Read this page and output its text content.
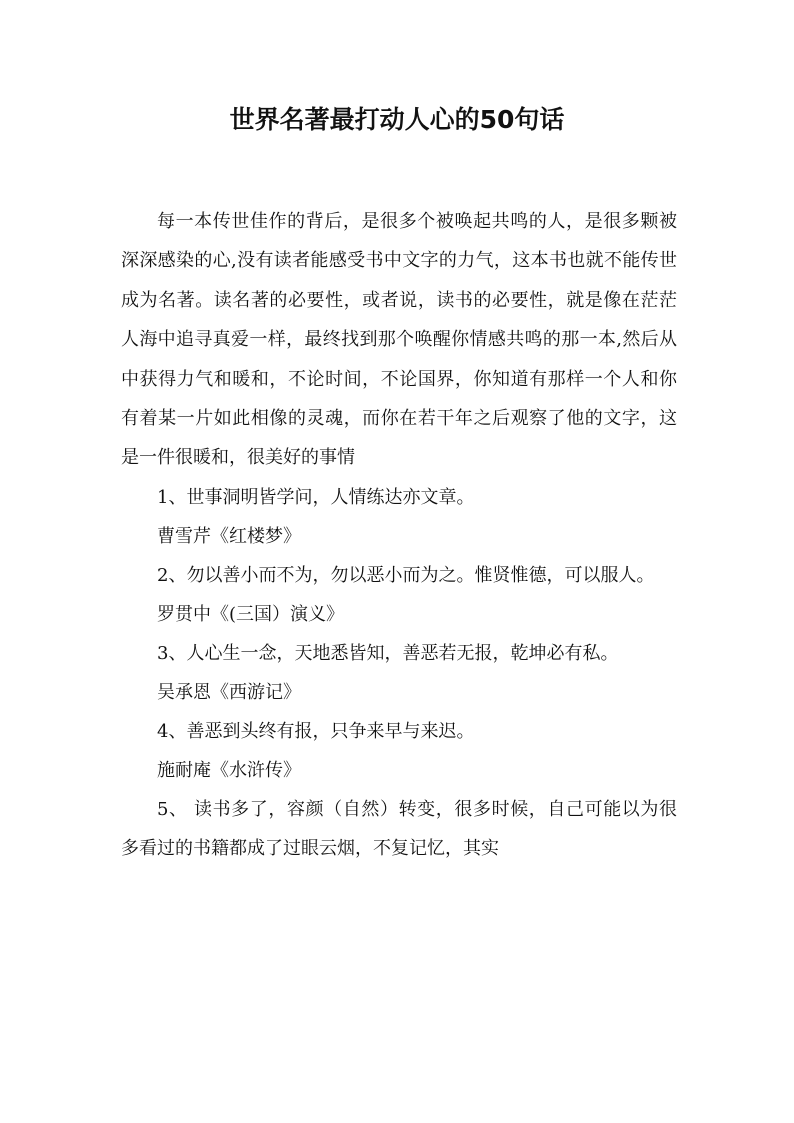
世界名著最打动人心的50句话

每一本传世佳作的背后，是很多个被唤起共鸣的人，是很多颗被深深感染的心,没有读者能感受书中文字的力气，这本书也就不能传世成为名著。读名著的必要性，或者说，读书的必要性，就是像在茫茫人海中追寻真爱一样，最终找到那个唤醒你情感共鸣的那一本,然后从中获得力气和暖和，不论时间，不论国界，你知道有那样一个人和你有着某一片如此相像的灵魂，而你在若干年之后观察了他的文字，这是一件很暖和，很美好的事情

1、世事洞明皆学问，人情练达亦文章。

曹雪芹《红楼梦》

2、勿以善小而不为，勿以恶小而为之。惟贤惟德，可以服人。

罗贯中《(三国）演义》

3、人心生一念，天地悉皆知，善恶若无报，乾坤必有私。

吴承恩《西游记》

4、善恶到头终有报，只争来早与来迟。

施耐庵《水浒传》

5、 读书多了，容颜（自然）转变，很多时候，自己可能以为很多看过的书籍都成了过眼云烟，不复记忆，其实
